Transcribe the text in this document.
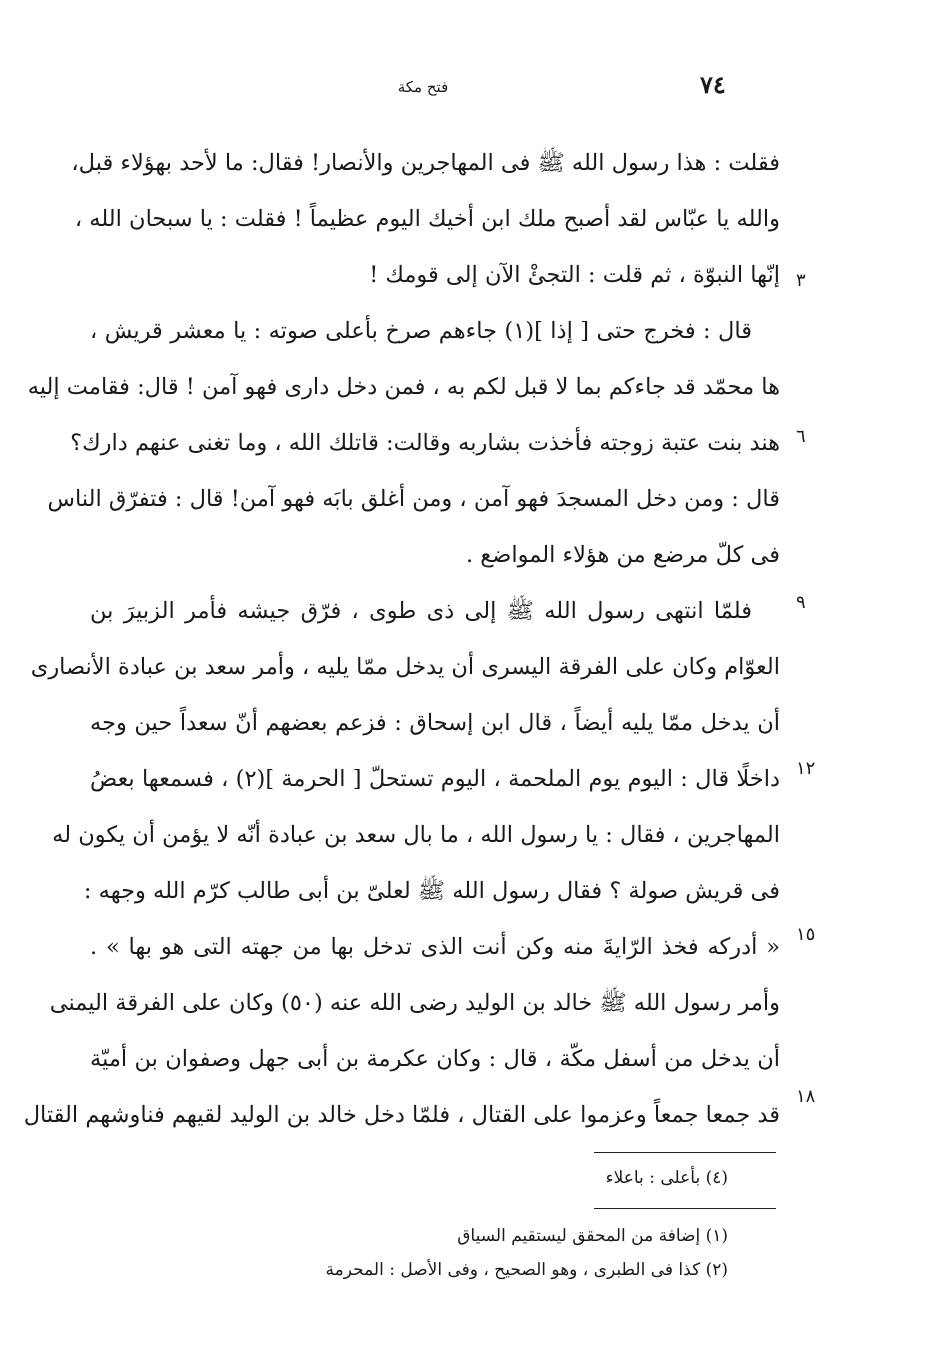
٧٤
فتح مكة
فقلت : هذا رسول الله ﷺ فى المهاجرين والأنصار! فقال: ما لأحد بهؤلاء قبل،
والله يا عبّاس لقد أصبح ملك ابن أخيك اليوم عظيماً ! فقلت : يا سبحان الله ،
إنّها النبوّة ، ثم قلت : التجئْ الآن إلى قومك !
قال : فخرج حتى [ إذا ](١) جاءهم صرخ بأعلى صوته : يا معشر قريش ،
ها محمّد قد جاءكم بما لا قبل لكم به ، فمن دخل دارى فهو آمن ! قال: فقامت إليه
هند بنت عتبة زوجته فأخذت بشاربه وقالت: قاتلك الله ، وما تغنى عنهم دارك؟
قال : ومن دخل المسجدَ فهو آمن ، ومن أغلق بابَه فهو آمن! قال : فتفرّق الناس
فى كلّ مرضع من هؤلاء المواضع .
فلمّا انتهى رسول الله ﷺ إلى ذى طوى ، فرّق جيشه فأمر الزبيرَ بن
العوّام وكان على الفرقة اليسرى أن يدخل ممّا يليه ، وأمر سعد بن عبادة الأنصارى
أن يدخل ممّا يليه أيضاً ، قال ابن إسحاق : فزعم بعضهم أنّ سعداً حين وجه
داخلًا قال : اليوم يوم الملحمة ، اليوم تستحلّ [ الحرمة ](٢) ، فسمعها بعضُ
المهاجرين ، فقال : يا رسول الله ، ما بال سعد بن عبادة أنّه لا يؤمن أن يكون له
فى قريش صولة ؟ فقال رسول الله ﷺ لعلىّ بن أبى طالب كرّم الله وجهه :
« أدركه فخذ الرّايةَ منه وكن أنت الذى تدخل بها من جهته التى هو بها » .
وأمر رسول الله ﷺ خالد بن الوليد رضى الله عنه (٥٠) وكان على الفرقة اليمنى
أن يدخل من أسفل مكّة ، قال : وكان عكرمة بن أبى جهل وصفوان بن أميّة
قد جمعا جمعاً وعزموا على القتال ، فلمّا دخل خالد بن الوليد لقيهم فناوشهم القتال
٣
٦
٩
١٢
١٥
١٨
(٤) بأعلى : باعلاء
(١) إضافة من المحقق ليستقيم السياق
(٢) كذا فى الطبرى ، وهو الصحيح ، وفى الأصل : المحرمة
